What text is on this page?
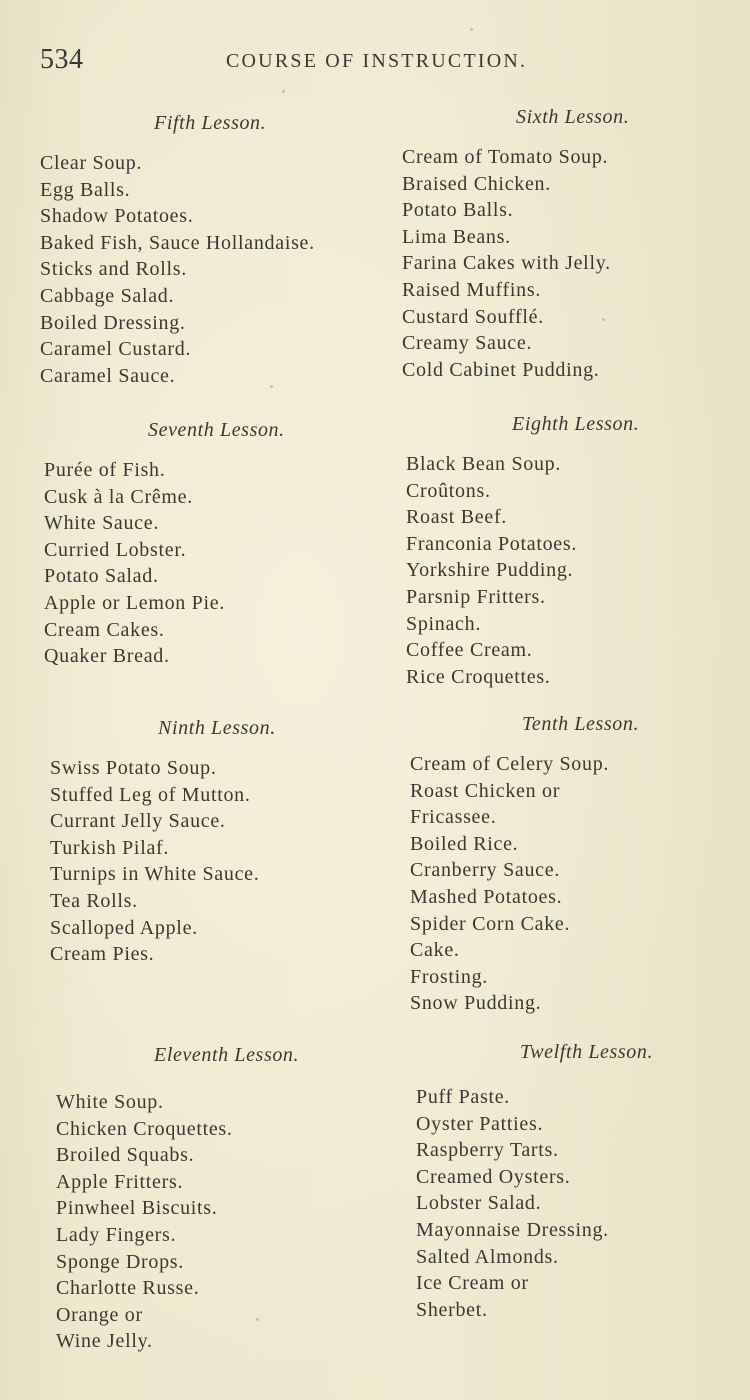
534	COURSE OF INSTRUCTION.
Fifth Lesson.
Clear Soup.
Egg Balls.
Shadow Potatoes.
Baked Fish, Sauce Hollandaise.
Sticks and Rolls.
Cabbage Salad.
Boiled Dressing.
Caramel Custard.
Caramel Sauce.
Sixth Lesson.
Cream of Tomato Soup.
Braised Chicken.
Potato Balls.
Lima Beans.
Farina Cakes with Jelly.
Raised Muffins.
Custard Soufflé.
Creamy Sauce.
Cold Cabinet Pudding.
Seventh Lesson.
Purée of Fish.
Cusk à la Crême.
White Sauce.
Curried Lobster.
Potato Salad.
Apple or Lemon Pie.
Cream Cakes.
Quaker Bread.
Eighth Lesson.
Black Bean Soup.
Croûtons.
Roast Beef.
Franconia Potatoes.
Yorkshire Pudding.
Parsnip Fritters.
Spinach.
Coffee Cream.
Rice Croquettes.
Ninth Lesson.
Swiss Potato Soup.
Stuffed Leg of Mutton.
Currant Jelly Sauce.
Turkish Pilaf.
Turnips in White Sauce.
Tea Rolls.
Scalloped Apple.
Cream Pies.
Tenth Lesson.
Cream of Celery Soup.
Roast Chicken or
Fricassee.
Boiled Rice.
Cranberry Sauce.
Mashed Potatoes.
Spider Corn Cake.
Cake.
Frosting.
Snow Pudding.
Eleventh Lesson.
White Soup.
Chicken Croquettes.
Broiled Squabs.
Apple Fritters.
Pinwheel Biscuits.
Lady Fingers.
Sponge Drops.
Charlotte Russe.
Orange or
Wine Jelly.
Twelfth Lesson.
Puff Paste.
Oyster Patties.
Raspberry Tarts.
Creamed Oysters.
Lobster Salad.
Mayonnaise Dressing.
Salted Almonds.
Ice Cream or
Sherbet.
